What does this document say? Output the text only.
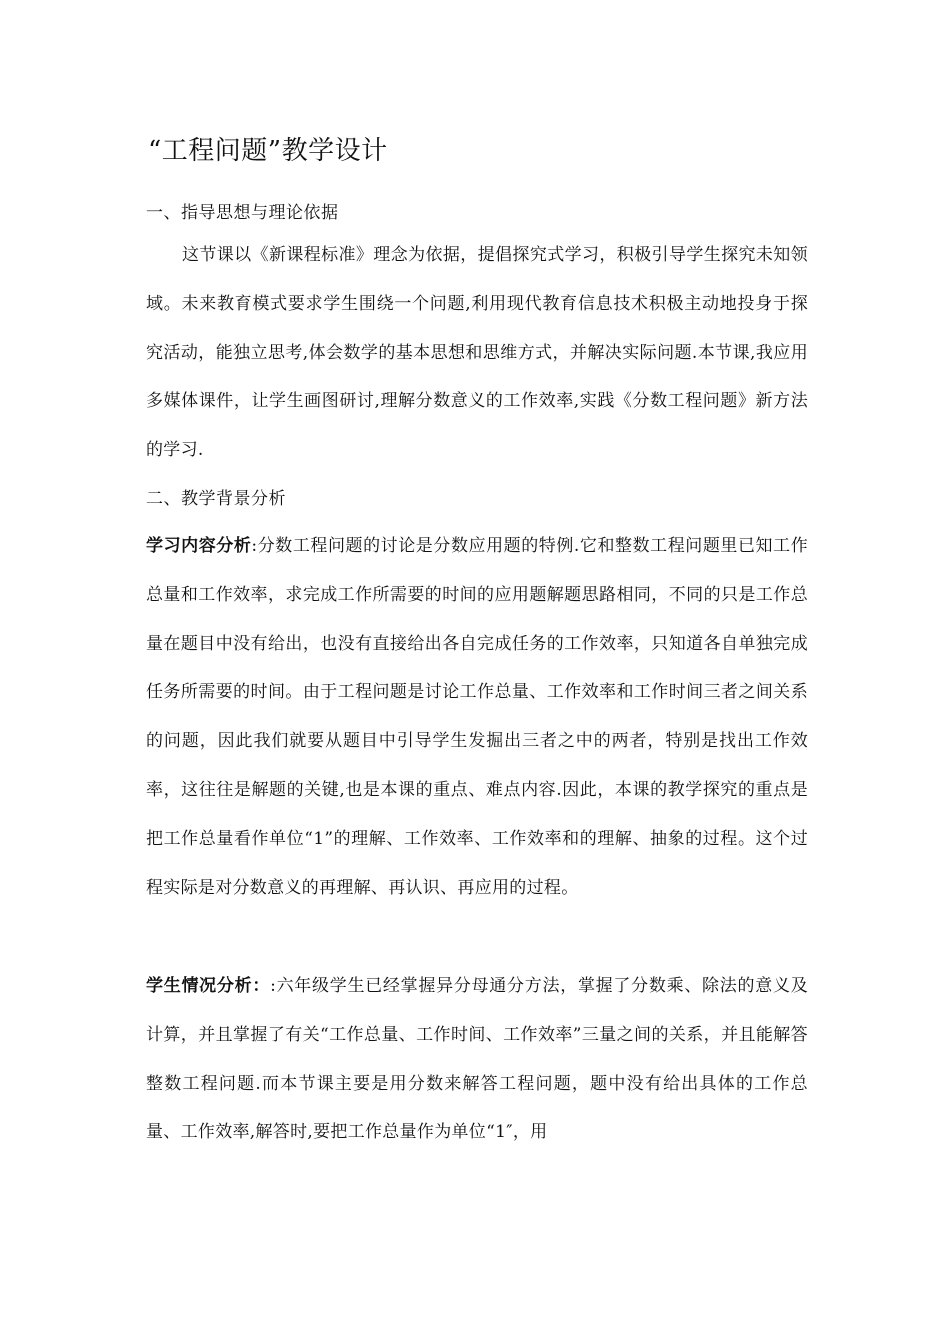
“工程问题”教学设计
一、指导思想与理论依据
这节课以《新课程标准》理念为依据，提倡探究式学习，积极引导学生探究未知领域。未来教育模式要求学生围绕一个问题,利用现代教育信息技术积极主动地投身于探究活动，能独立思考,体会数学的基本思想和思维方式，并解决实际问题.本节课,我应用多媒体课件，让学生画图研讨,理解分数意义的工作效率,实践《分数工程问题》新方法的学习.
二、教学背景分析
学习内容分析:分数工程问题的讨论是分数应用题的特例.它和整数工程问题里已知工作总量和工作效率，求完成工作所需要的时间的应用题解题思路相同，不同的只是工作总量在题目中没有给出，也没有直接给出各自完成任务的工作效率，只知道各自单独完成任务所需要的时间。由于工程问题是讨论工作总量、工作效率和工作时间三者之间关系的问题，因此我们就要从题目中引导学生发掘出三者之中的两者，特别是找出工作效率，这往往是解题的关键,也是本课的重点、难点内容.因此，本课的教学探究的重点是把工作总量看作单位“1”的理解、工作效率、工作效率和的理解、抽象的过程。这个过程实际是对分数意义的再理解、再认识、再应用的过程。
学生情况分析：:六年级学生已经掌握异分母通分方法，掌握了分数乘、除法的意义及计算，并且掌握了有关“工作总量、工作时间、工作效率”三量之间的关系，并且能解答整数工程问题.而本节课主要是用分数来解答工程问题，题中没有给出具体的工作总量、工作效率,解答时,要把工作总量作为单位“1″，用
